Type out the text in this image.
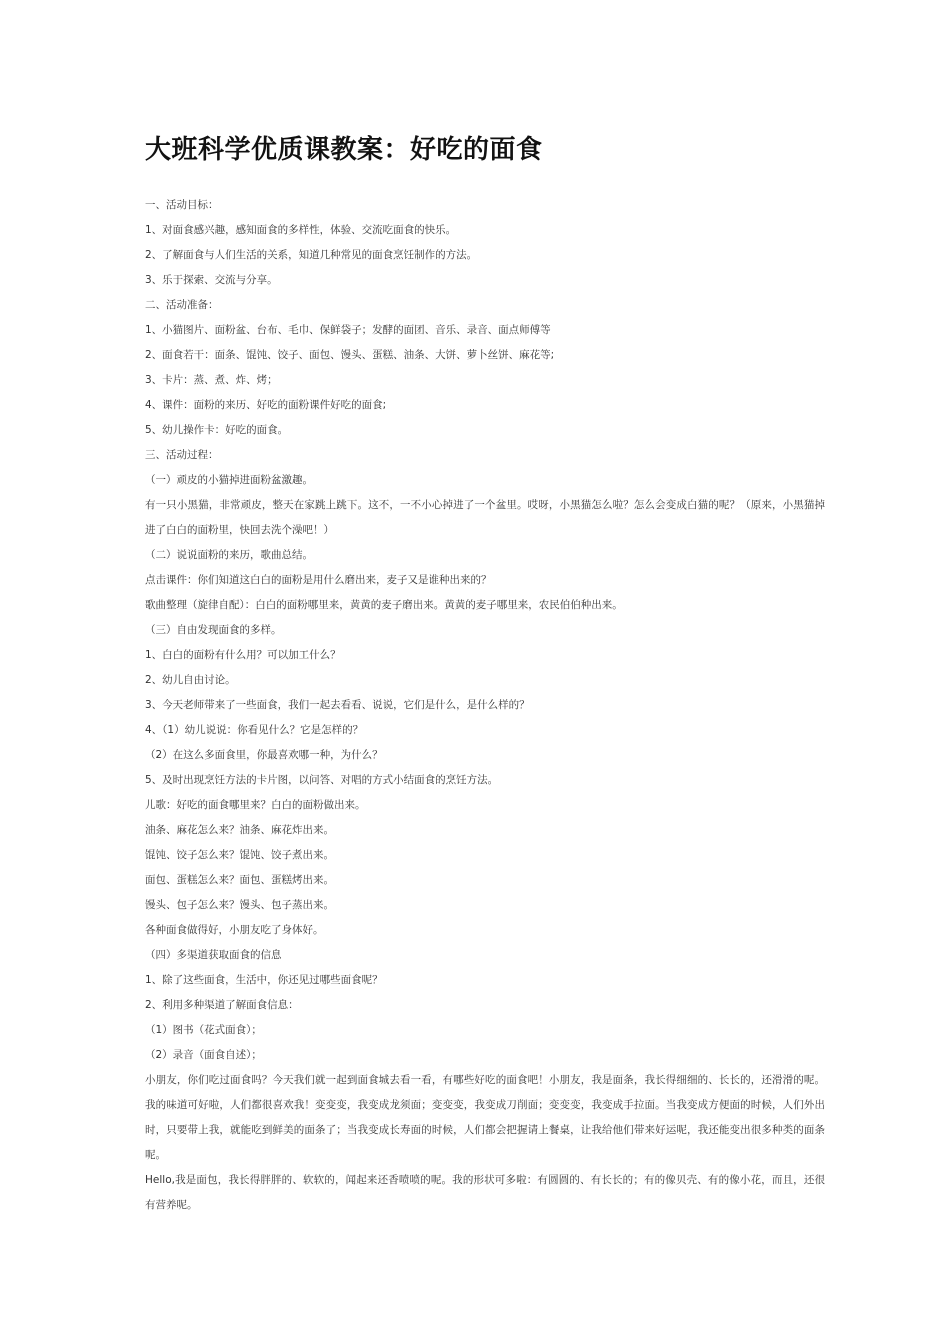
大班科学优质课教案：好吃的面食

一、活动目标：

1、对面食感兴趣，感知面食的多样性，体验、交流吃面食的快乐。

2、了解面食与人们生活的关系，知道几种常见的面食烹饪制作的方法。

3、乐于探索、交流与分享。

二、活动准备：

1、小猫图片、面粉盆、台布、毛巾、保鲜袋子；发酵的面团、音乐、录音、面点师傅等

2、面食若干：面条、馄饨、饺子、面包、馒头、蛋糕、油条、大饼、萝卜丝饼、麻花等;

3、卡片：蒸、煮、炸、烤；

4、课件：面粉的来历、好吃的面粉课件好吃的面食;

5、幼儿操作卡：好吃的面食。

三、活动过程：

（一）顽皮的小猫掉进面粉盆激趣。

有一只小黑猫，非常顽皮，整天在家跳上跳下。这不，一不小心掉进了一个盆里。哎呀，小黑猫怎么啦？怎么会变成白猫的呢？（原来，小黑猫掉进了白白的面粉里，快回去洗个澡吧！）

（二）说说面粉的来历，歌曲总结。

点击课件：你们知道这白白的面粉是用什么磨出来，麦子又是谁种出来的？

歌曲整理（旋律自配）：白白的面粉哪里来，黄黄的麦子磨出来。黄黄的麦子哪里来，农民伯伯种出来。

（三）自由发现面食的多样。

1、白白的面粉有什么用？可以加工什么？

2、幼儿自由讨论。

3、今天老师带来了一些面食，我们一起去看看、说说，它们是什么，是什么样的？

4、（1）幼儿说说：你看见什么？它是怎样的？

（2）在这么多面食里，你最喜欢哪一种，为什么？

5、及时出现烹饪方法的卡片图，以问答、对唱的方式小结面食的烹饪方法。

儿歌：好吃的面食哪里来？白白的面粉做出来。

油条、麻花怎么来？油条、麻花炸出来。

馄饨、饺子怎么来？馄饨、饺子煮出来。

面包、蛋糕怎么来？面包、蛋糕烤出来。

馒头、包子怎么来？馒头、包子蒸出来。

各种面食做得好，小朋友吃了身体好。

（四）多渠道获取面食的信息

1、除了这些面食，生活中，你还见过哪些面食呢？

2、利用多种渠道了解面食信息：

（1）图书（花式面食）；

（2）录音（面食自述）；

小朋友，你们吃过面食吗？今天我们就一起到面食城去看一看，有哪些好吃的面食吧！小朋友，我是面条，我长得细细的、长长的，还滑滑的呢。我的味道可好啦，人们都很喜欢我！变变变，我变成龙须面；变变变，我变成刀削面；变变变，我变成手拉面。当我变成方便面的时候，人们外出时，只要带上我，就能吃到鲜美的面条了；当我变成长寿面的时候，人们都会把握请上餐桌，让我给他们带来好运呢，我还能变出很多种类的面条呢。

Hello,我是面包，我长得胖胖的、软软的，闻起来还香喷喷的呢。我的形状可多啦：有圆圆的、有长长的；有的像贝壳、有的像小花，而且，还很有营养呢。
